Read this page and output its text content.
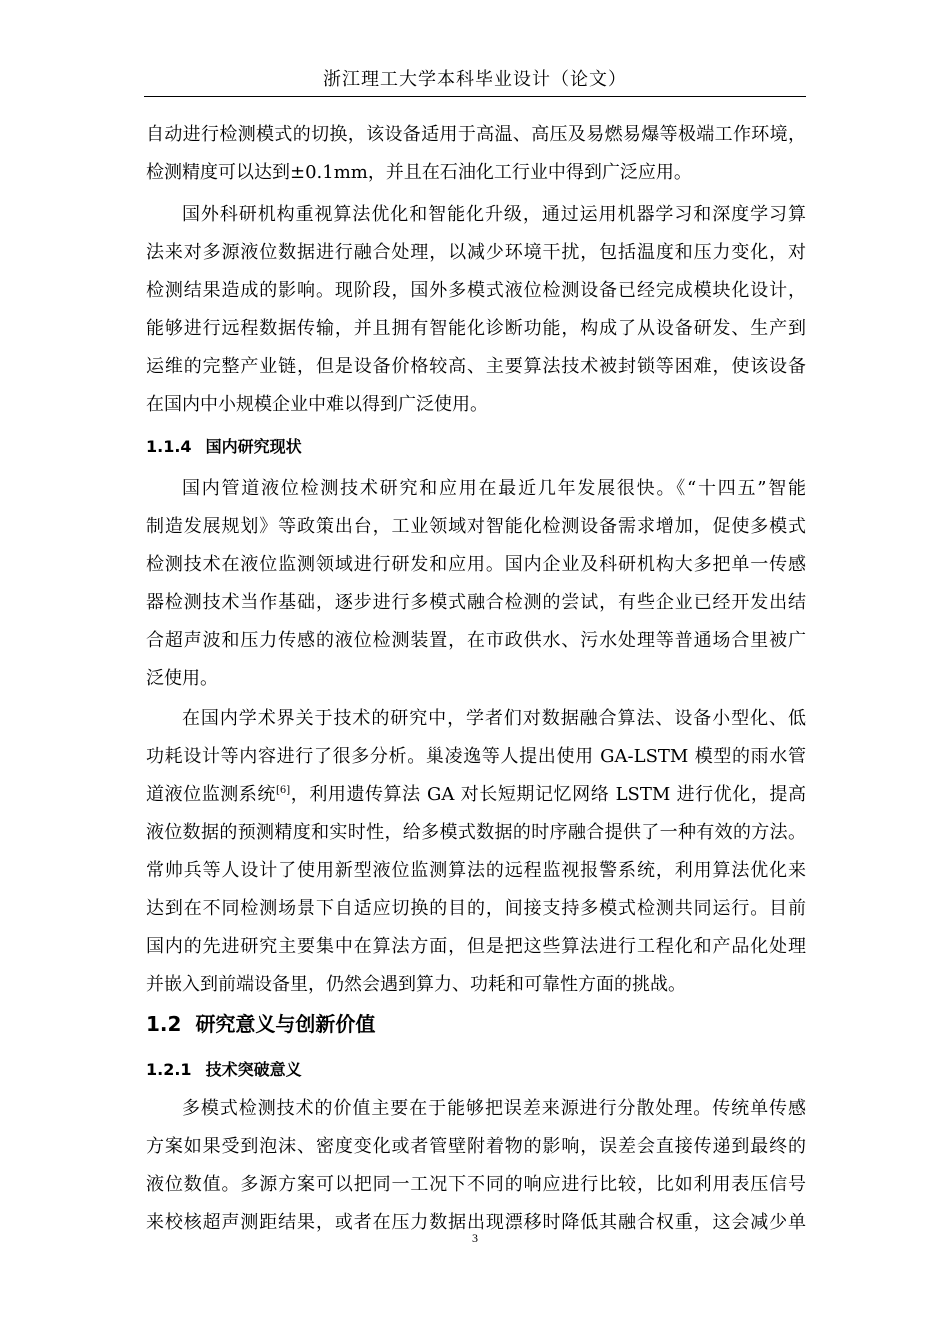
浙江理工大学本科毕业设计（论文）
自动进行检测模式的切换，该设备适用于高温、高压及易燃易爆等极端工作环境，
检测精度可以达到±0.1mm，并且在石油化工行业中得到广泛应用。
国外科研机构重视算法优化和智能化升级，通过运用机器学习和深度学习算
法来对多源液位数据进行融合处理，以减少环境干扰，包括温度和压力变化，对
检测结果造成的影响。现阶段，国外多模式液位检测设备已经完成模块化设计，
能够进行远程数据传输，并且拥有智能化诊断功能，构成了从设备研发、生产到
运维的完整产业链，但是设备价格较高、主要算法技术被封锁等困难，使该设备
在国内中小规模企业中难以得到广泛使用。
1.1.4 国内研究现状
国内管道液位检测技术研究和应用在最近几年发展很快。《“十四五”智能
制造发展规划》等政策出台，工业领域对智能化检测设备需求增加，促使多模式
检测技术在液位监测领域进行研发和应用。国内企业及科研机构大多把单一传感
器检测技术当作基础，逐步进行多模式融合检测的尝试，有些企业已经开发出结
合超声波和压力传感的液位检测装置，在市政供水、污水处理等普通场合里被广
泛使用。
在国内学术界关于技术的研究中，学者们对数据融合算法、设备小型化、低
功耗设计等内容进行了很多分析。巢凌逸等人提出使用 GA-LSTM 模型的雨水管
道液位监测系统[6]，利用遗传算法 GA 对长短期记忆网络 LSTM 进行优化，提高
液位数据的预测精度和实时性，给多模式数据的时序融合提供了一种有效的方法。
常帅兵等人设计了使用新型液位监测算法的远程监视报警系统，利用算法优化来
达到在不同检测场景下自适应切换的目的，间接支持多模式检测共同运行。目前
国内的先进研究主要集中在算法方面，但是把这些算法进行工程化和产品化处理
并嵌入到前端设备里，仍然会遇到算力、功耗和可靠性方面的挑战。
1.2 研究意义与创新价值
1.2.1 技术突破意义
多模式检测技术的价值主要在于能够把误差来源进行分散处理。传统单传感
方案如果受到泡沫、密度变化或者管壁附着物的影响，误差会直接传递到最终的
液位数值。多源方案可以把同一工况下不同的响应进行比较，比如利用表压信号
来校核超声测距结果，或者在压力数据出现漂移时降低其融合权重，这会减少单
3
